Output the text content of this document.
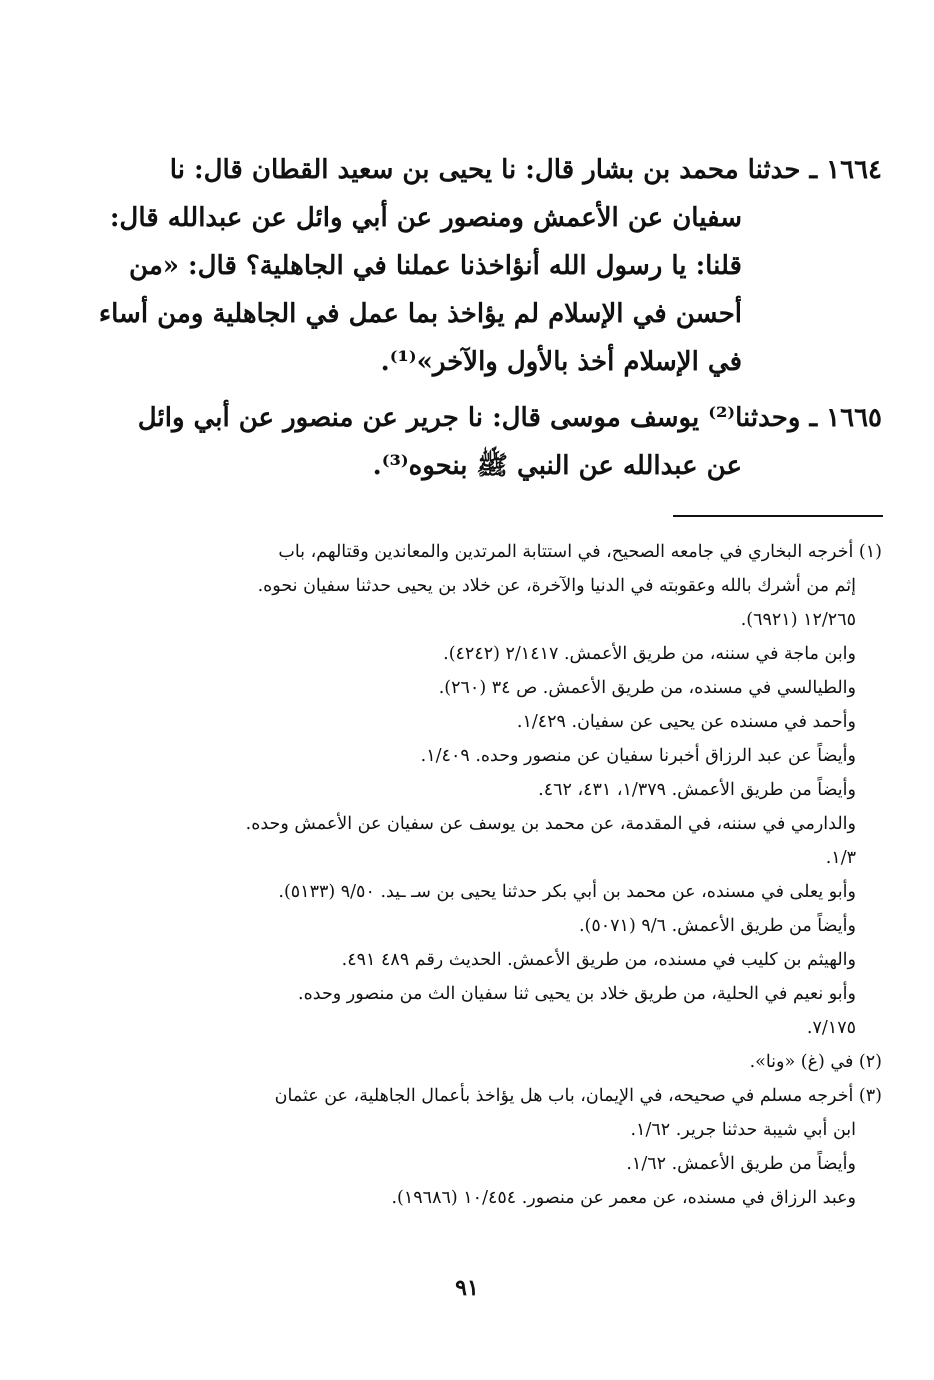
١٦٦٤ ـ حدثنا محمد بن بشار قال: نا يحيى بن سعيد القطان قال: نا
سفيان عن الأعمش ومنصور عن أبي وائل عن عبدالله قال:
قلنا: يا رسول الله أنؤاخذنا عملنا في الجاهلية؟ قال: «من
أحسن في الإسلام لم يؤاخذ بما عمل في الجاهلية ومن أساء
في الإسلام أخذ بالأول والآخر»⁽¹⁾.
١٦٦٥ ـ وحدثنا⁽²⁾ يوسف موسى قال: نا جرير عن منصور عن أبي وائل
عن عبدالله عن النبي ﷺ بنحوه⁽³⁾.
(١) أخرجه البخاري في جامعه الصحيح، في استتابة المرتدين والمعاندين وقتالهم، باب
إثم من أشرك بالله وعقوبته في الدنيا والآخرة، عن خلاد بن يحيى حدثنا سفيان نحوه.
١٢/٢٦٥ (٦٩٢١).
وابن ماجة في سننه، من طريق الأعمش. ٢/١٤١٧ (٤٢٤٢).
والطيالسي في مسنده، من طريق الأعمش. ص ٣٤ (٢٦٠).
وأحمد في مسنده عن يحيى عن سفيان. ١/٤٢٩.
وأيضاً عن عبد الرزاق أخبرنا سفيان عن منصور وحده. ١/٤٠٩.
وأيضاً من طريق الأعمش. ١/٣٧٩، ٤٣١، ٤٦٢.
والدارمي في سننه، في المقدمة، عن محمد بن يوسف عن سفيان عن الأعمش وحده.
١/٣.
وأبو يعلى في مسنده، عن محمد بن أبي بكر حدثنا يحيى بن سـ ـيد. ٩/٥٠ (٥١٣٣).
وأيضاً من طريق الأعمش. ٩/٦ (٥٠٧١).
والهيثم بن كليب في مسنده، من طريق الأعمش. الحديث رقم ٤٨٩ ٤٩١.
وأبو نعيم في الحلية، من طريق خلاد بن يحيى ثنا سفيان الث من منصور وحده.
٧/١٧٥.
(٢) في (غ) «ونا».
(٣) أخرجه مسلم في صحيحه، في الإيمان، باب هل يؤاخذ بأعمال الجاهلية، عن عثمان
ابن أبي شيبة حدثنا جرير. ١/٦٢.
وأيضاً من طريق الأعمش. ١/٦٢.
وعبد الرزاق في مسنده، عن معمر عن منصور. ١٠/٤٥٤ (١٩٦٨٦).
٩١
